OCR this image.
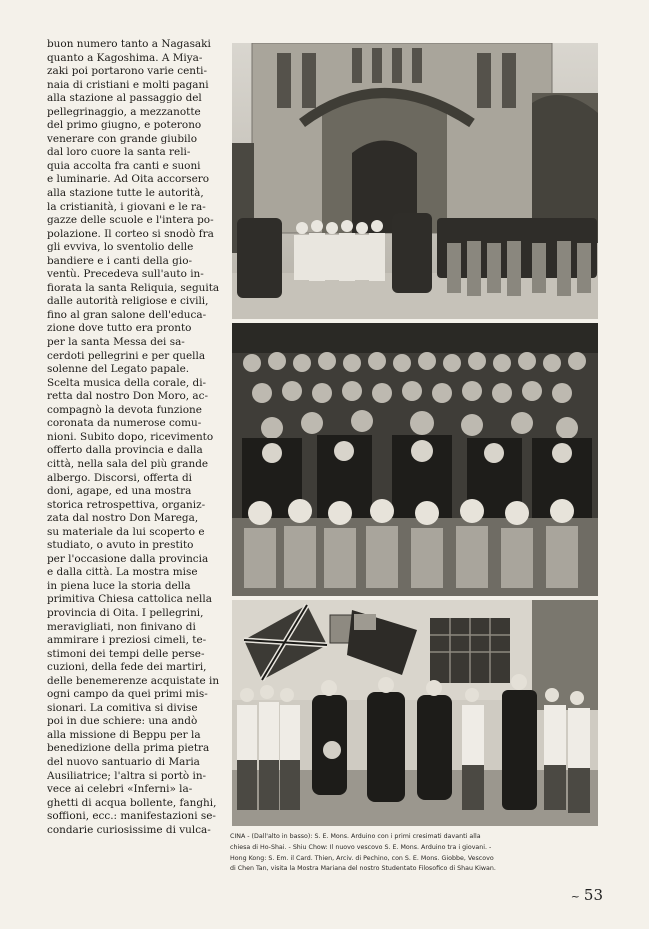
buon numero tanto a Nagasaki
quanto a Kagoshima. A Miya-
zaki poi portarono varie centi-
naia di cristiani e molti pagani
alla stazione al passaggio del
pellegrinaggio, a mezzanotte
del primo giugno, e poterono
venerare con grande giubilo
dal loro cuore la santa reli-
quia accolta fra canti e suoni
e luminarie. Ad Oita accorsero
alla stazione tutte le autorità,
la cristianità, i giovani e le ra-
gazze delle scuole e l'intera po-
polazione. Il corteo si snodò fra
gli evviva, lo sventolio delle
bandiere e i canti della gio-
ventù. Precedeva sull'auto in-
fiorata la santa Reliquia, seguita
dalle autorità religiose e civili,
fino al gran salone dell'educa-
zione dove tutto era pronto
per la santa Messa dei sa-
cerdoti pellegrini e per quella
solenne del Legato papale.
Scelta musica della corale, di-
retta dal nostro Don Moro, ac-
compagnò la devota funzione
coronata da numerose comu-
nioni. Subito dopo, ricevimento
offerto dalla provincia e dalla
città, nella sala del più grande
albergo. Discorsi, offerta di
doni, agape, ed una mostra
storica retrospettiva, organiz-
zata dal nostro Don Marega,
su materiale da lui scoperto e
studiato, o avuto in prestito
per l'occasione dalla provincia
e dalla città. La mostra mise
in piena luce la storia della
primitiva Chiesa cattolica nella
provincia di Oita. I pellegrini,
meravigliati, non finivano di
ammirare i preziosi cimeli, te-
stimoni dei tempi delle perse-
cuzioni, della fede dei martiri,
delle benemerenze acquistate in
ogni campo da quei primi mis-
sionari. La comitiva si divise
poi in due schiere: una andò
alla missione di Beppu per la
benedizione della prima pietra
del nuovo santuario di Maria
Ausiliatrice; l'altra si portò in-
vece ai celebri «Inferni» la-
ghetti di acqua bollente, fanghi,
soffioni, ecc.: manifestazioni se-
condarie curiosissime di vulca-
CINA - (Dall'alto in basso): S. E. Mons. Arduino con i primi cresimati davanti alla
chiesa di Ho-Shai. - Shiu Chow: Il nuovo vescovo S. E. Mons. Arduino tra i giovani. -
Hong Kong: S. Em. il Card. Thien, Arciv. di Pechino, con S. E. Mons. Giobbe, Vescovo
di Chen Tan, visita la Mostra Mariana del nostro Studentato Filosofico di Shau Kiwan.
~ 53
